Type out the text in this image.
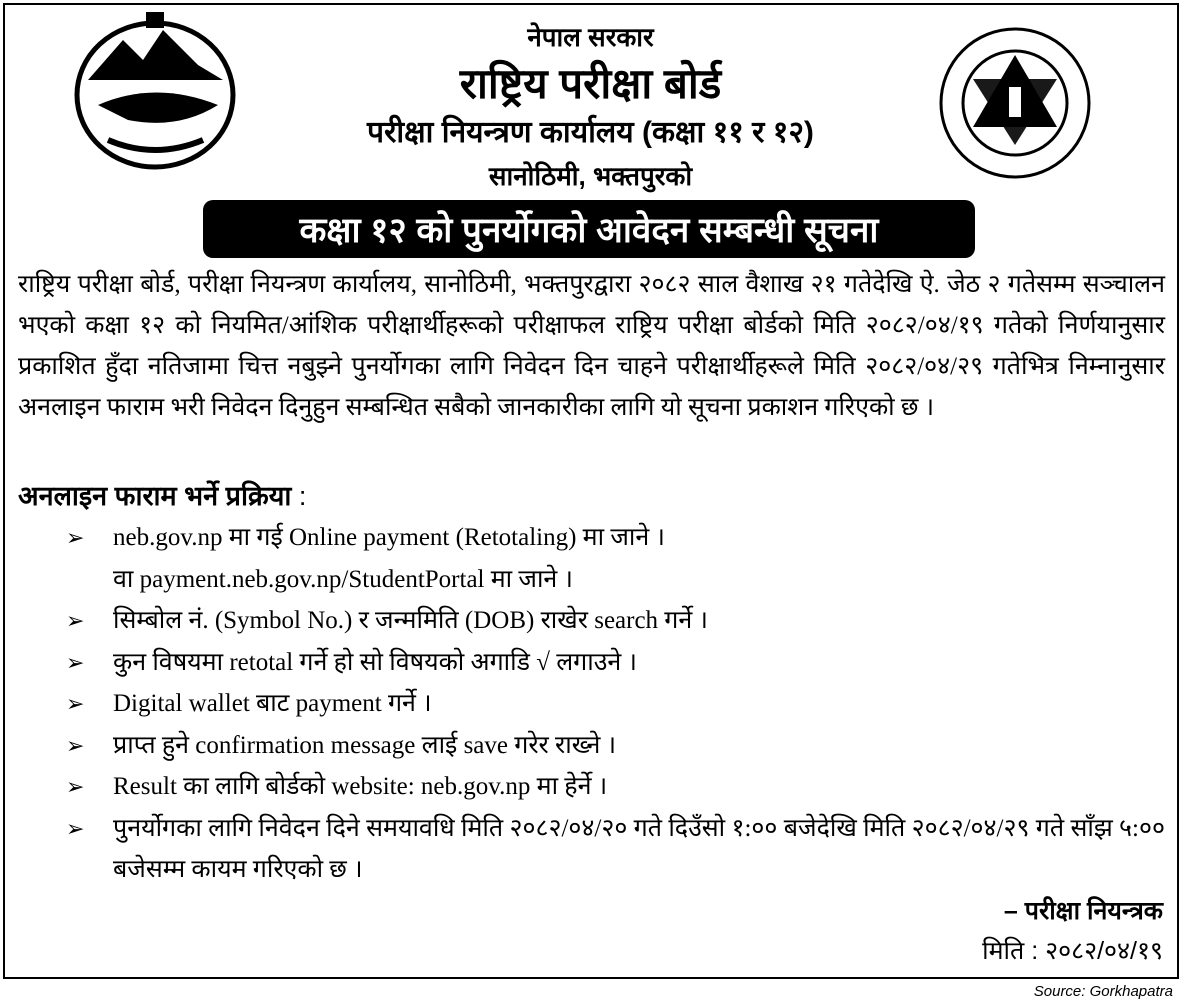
नेपाल सरकार
राष्ट्रिय परीक्षा बोर्ड
परीक्षा नियन्त्रण कार्यालय (कक्षा ११ र १२)
सानोठिमी, भक्तपुरको
कक्षा १२ को पुनर्योगको आवेदन सम्बन्धी सूचना
राष्ट्रिय परीक्षा बोर्ड, परीक्षा नियन्त्रण कार्यालय, सानोठिमी, भक्तपुरद्वारा २०८२ साल वैशाख २१ गतेदेखि ऐ. जेठ २ गतेसम्म सञ्चालन भएको कक्षा १२ को नियमित/आंशिक परीक्षार्थीहरूको परीक्षाफल राष्ट्रिय परीक्षा बोर्डको मिति २०८२/०४/१९ गतेको निर्णयानुसार प्रकाशित हुँदा नतिजामा चित्त नबुझ्ने पुनर्योगका लागि निवेदन दिन चाहने परीक्षार्थीहरूले मिति २०८२/०४/२९ गतेभित्र निम्नानुसार अनलाइन फाराम भरी निवेदन दिनुहुन सम्बन्धित सबैको जानकारीका लागि यो सूचना प्रकाशन गरिएको छ ।
अनलाइन फाराम भर्ने प्रक्रिया :
➢ neb.gov.np मा गई Online payment (Retotaling) मा जाने ।
वा payment.neb.gov.np/StudentPortal मा जाने ।
➢ सिम्बोल नं. (Symbol No.) र जन्ममिति (DOB) राखेर search गर्ने ।
➢ कुन विषयमा retotal गर्ने हो सो विषयको अगाडि √ लगाउने ।
➢ Digital wallet बाट payment गर्ने ।
➢ प्राप्त हुने confirmation message लाई save गरेर राख्ने ।
➢ Result का लागि बोर्डको website: neb.gov.np मा हेर्ने ।
➢ पुनर्योगका लागि निवेदन दिने समयावधि मिति २०८२/०४/२० गते दिउँसो १:०० बजेदेखि मिति २०८२/०४/२९ गते साँझ ५:०० बजेसम्म कायम गरिएको छ ।
– परीक्षा नियन्त्रक
मिति : २०८२/०४/१९
Source: Gorkhapatra
